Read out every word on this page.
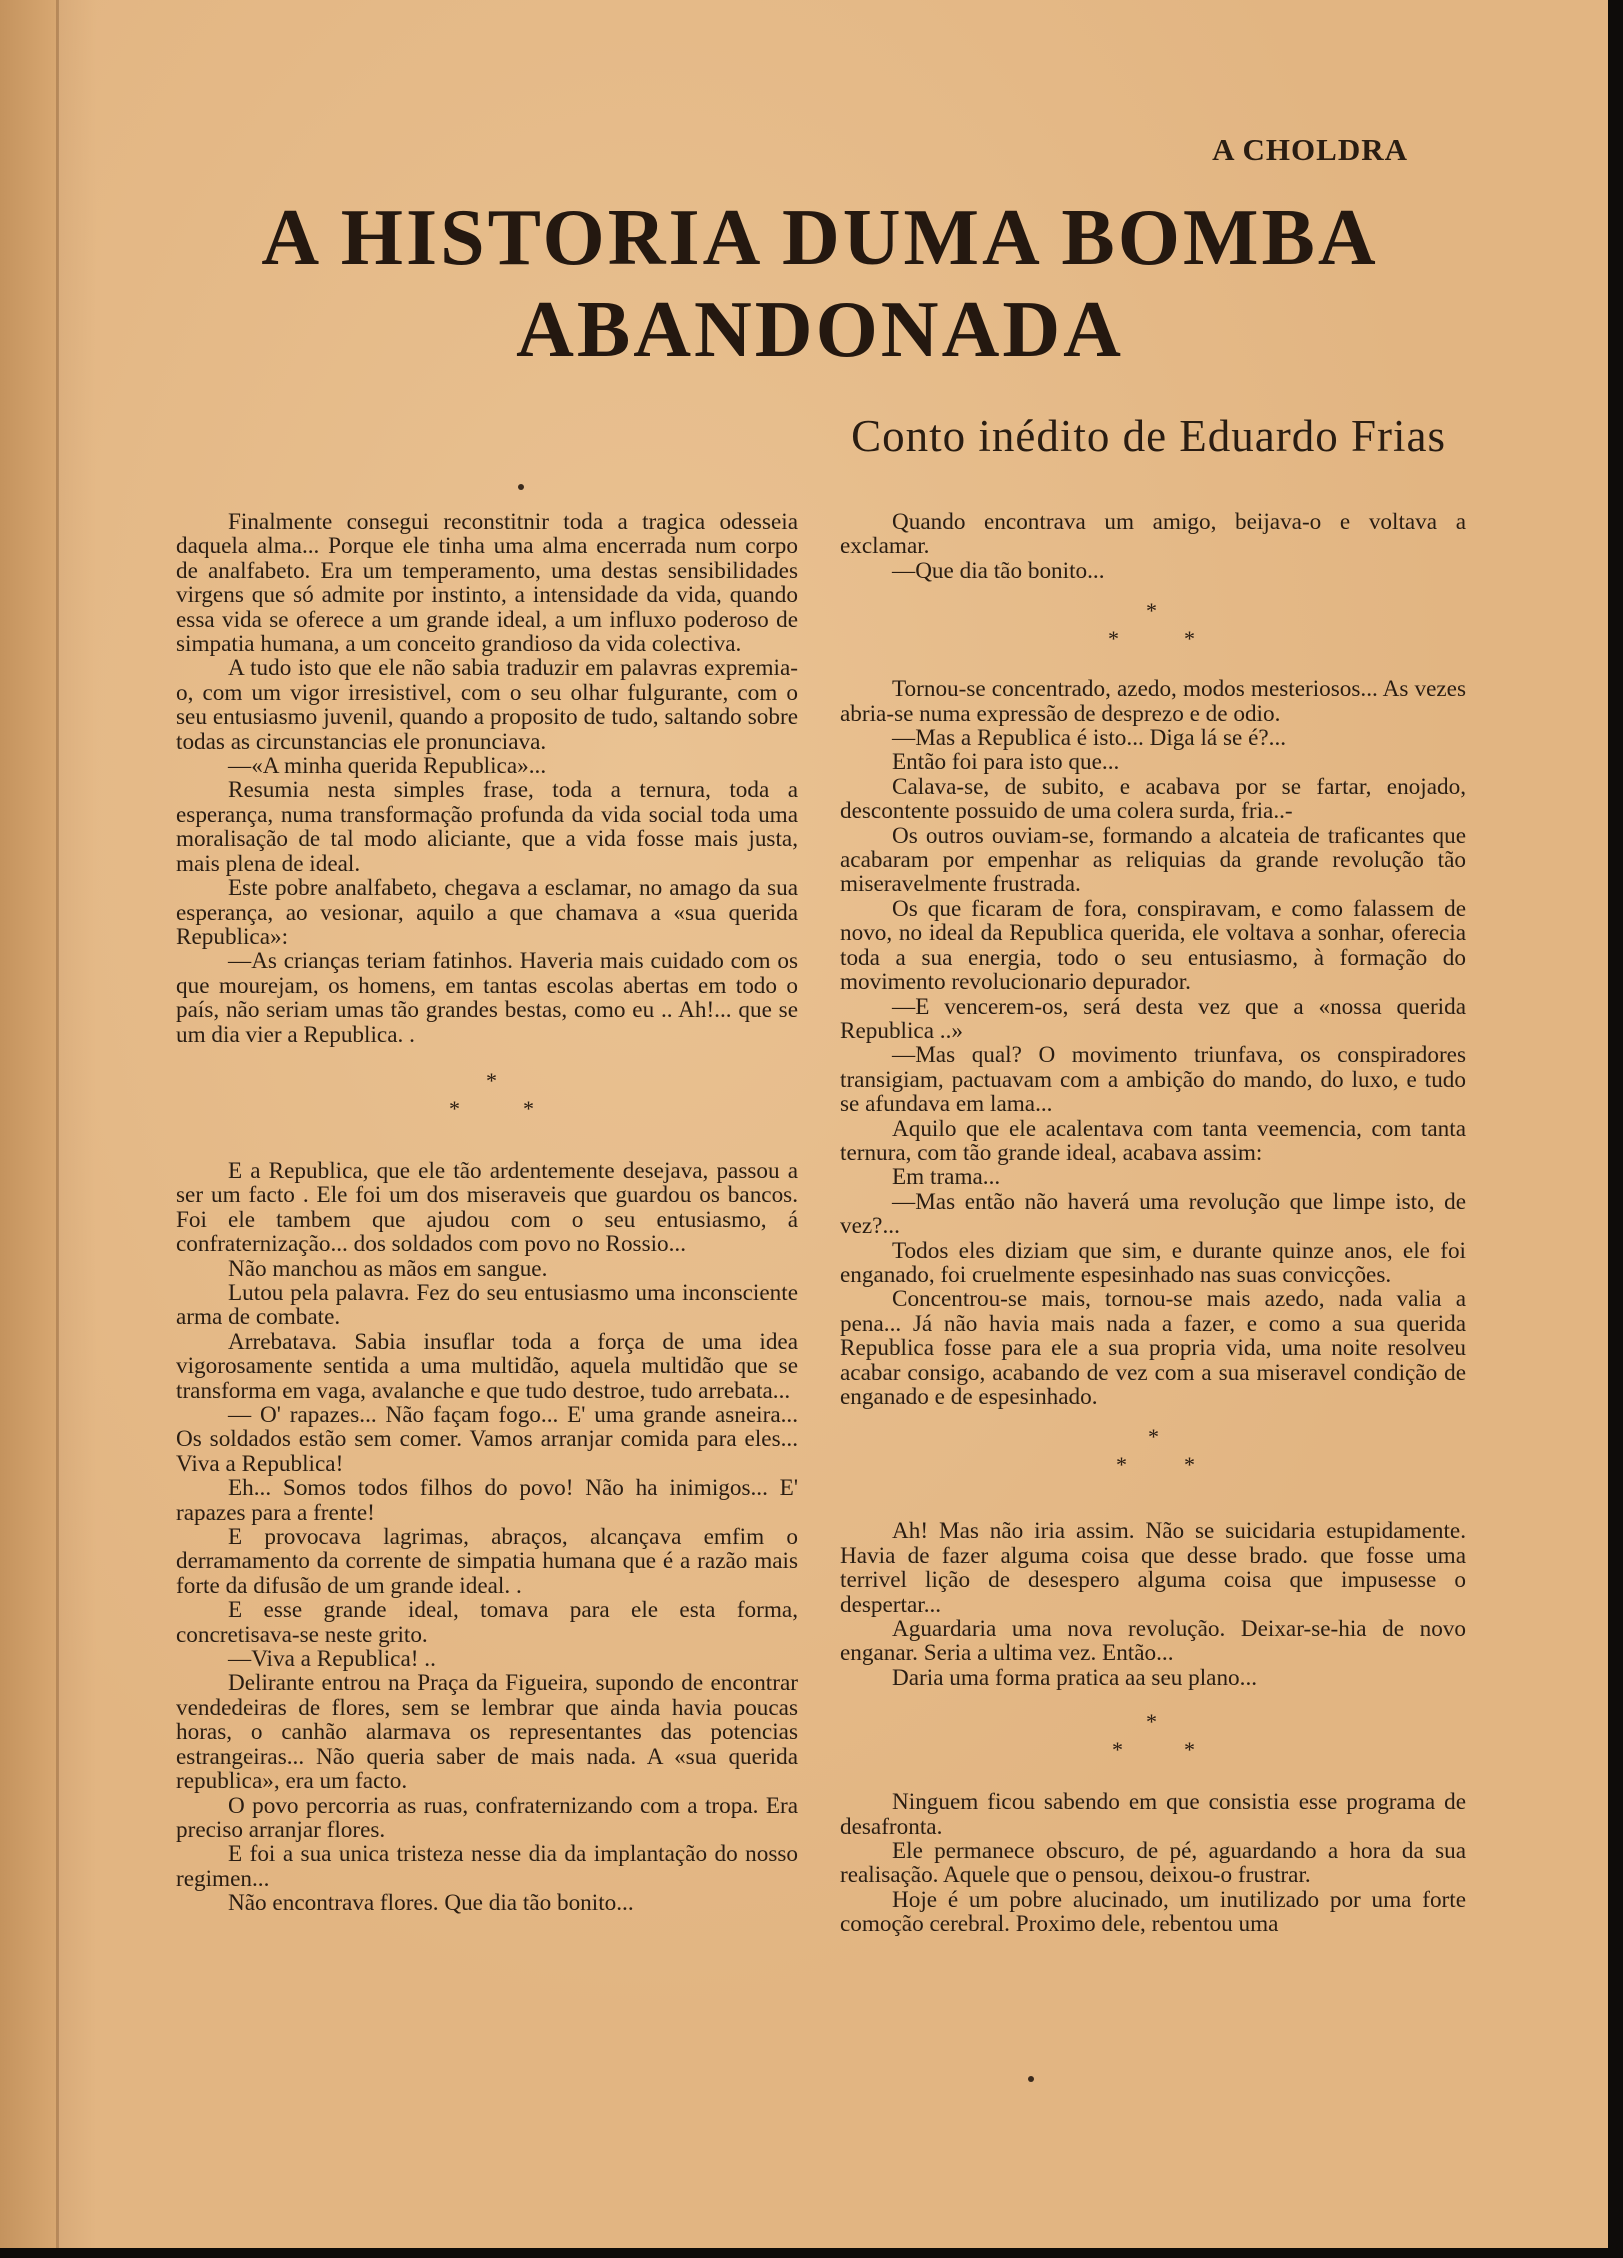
A CHOLDRA
A HISTORIA DUMA BOMBA
ABANDONADA
Conto inédito de Eduardo Frias

Finalmente consegui reconstitnir toda a tragica odesseia daquela alma... Porque ele tinha uma alma encerrada num corpo de analfabeto. Era um temperamento, uma destas sensibilidades virgens que só admite por instinto, a intensidade da vida, quando essa vida se oferece a um grande ideal, a um influxo poderoso de simpatia humana, a um conceito grandioso da vida colectiva.

A tudo isto que ele não sabia traduzir em palavras expremia-o, com um vigor irresistivel, com o seu olhar fulgurante, com o seu entusiasmo juvenil, quando a proposito de tudo, saltando sobre todas as circunstancias ele pronunciava.

—«A minha querida Republica»...

Resumia nesta simples frase, toda a ternura, toda a esperança, numa transformação profunda da vida social toda uma moralisação de tal modo aliciante, que a vida fosse mais justa, mais plena de ideal.

Este pobre analfabeto, chegava a esclamar, no amago da sua esperança, ao vesionar, aquilo a que chamava a «sua querida Republica»:

—As crianças teriam fatinhos. Haveria mais cuidado com os que mourejam, os homens, em tantas escolas abertas em todo o país, não seriam umas tão grandes bestas, como eu .. Ah!... que se um dia vier a Republica. .

*
*	*

E a Republica, que ele tão ardentemente desejava, passou a ser um facto . Ele foi um dos miseraveis que guardou os bancos. Foi ele tambem que ajudou com o seu entusiasmo, á confraternização... dos soldados com povo no Rossio...

Não manchou as mãos em sangue.

Lutou pela palavra. Fez do seu entusiasmo uma inconsciente arma de combate.

Arrebatava. Sabia insuflar toda a força de uma idea vigorosamente sentida a uma multidão, aquela multidão que se transforma em vaga, avalanche e que tudo destroe, tudo arrebata...

— O' rapazes... Não façam fogo... E' uma grande asneira... Os soldados estão sem comer. Vamos arranjar comida para eles... Viva a Republica!

Eh... Somos todos filhos do povo! Não ha inimigos... E' rapazes para a frente!

E provocava lagrimas, abraços, alcançava emfim o derramamento da corrente de simpatia humana que é a razão mais forte da difusão de um grande ideal. .

E esse grande ideal, tomava para ele esta forma, concretisava-se neste grito.

—Viva a Republica! ..

Delirante entrou na Praça da Figueira, supondo de encontrar vendedeiras de flores, sem se lembrar que ainda havia poucas horas, o canhão alarmava os representantes das potencias estrangeiras... Não queria saber de mais nada. A «sua querida republica», era um facto.

O povo percorria as ruas, confraternizando com a tropa. Era preciso arranjar flores.

E foi a sua unica tristeza nesse dia da implantação do nosso regimen...

Não encontrava flores. Que dia tão bonito...

Quando encontrava um amigo, beijava-o e voltava a exclamar.

—Que dia tão bonito...

*
*	*

Tornou-se concentrado, azedo, modos mesteriosos... As vezes abria-se numa expressão de desprezo e de odio.

—Mas a Republica é isto... Diga lá se é?...

Então foi para isto que...

Calava-se, de subito, e acabava por se fartar, enojado, descontente possuido de uma colera surda, fria..-

Os outros ouviam-se, formando a alcateia de traficantes que acabaram por empenhar as reliquias da grande revolução tão miseravelmente frustrada.

Os que ficaram de fora, conspiravam, e como falassem de novo, no ideal da Republica querida, ele voltava a sonhar, oferecia toda a sua energia, todo o seu entusiasmo, à formação do movimento revolucionario depurador.

—E vencerem-os, será desta vez que a «nossa querida Republica ..»

—Mas qual? O movimento triunfava, os conspiradores transigiam, pactuavam com a ambição do mando, do luxo, e tudo se afundava em lama...

Aquilo que ele acalentava com tanta veemencia, com tanta ternura, com tão grande ideal, acabava assim:

Em trama...

—Mas então não haverá uma revolução que limpe isto, de vez?...

Todos eles diziam que sim, e durante quinze anos, ele foi enganado, foi cruelmente espesinhado nas suas convicções.

Concentrou-se mais, tornou-se mais azedo, nada valia a pena... Já não havia mais nada a fazer, e como a sua querida Republica fosse para ele a sua propria vida, uma noite resolveu acabar consigo, acabando de vez com a sua miseravel condição de enganado e de espesinhado.

*
*	*

Ah! Mas não iria assim. Não se suicidaria estupidamente. Havia de fazer alguma coisa que desse brado. que fosse uma terrivel lição de desespero alguma coisa que impusesse o despertar...

Aguardaria uma nova revolução. Deixar-se-hia de novo enganar. Seria a ultima vez. Então...

Daria uma forma pratica aa seu plano...

*
*	*

Ninguem ficou sabendo em que consistia esse programa de desafronta.

Ele permanece obscuro, de pé, aguardando a hora da sua realisação. Aquele que o pensou, deixou-o frustrar.

Hoje é um pobre alucinado, um inutilizado por uma forte comoção cerebral. Proximo dele, rebentou uma
